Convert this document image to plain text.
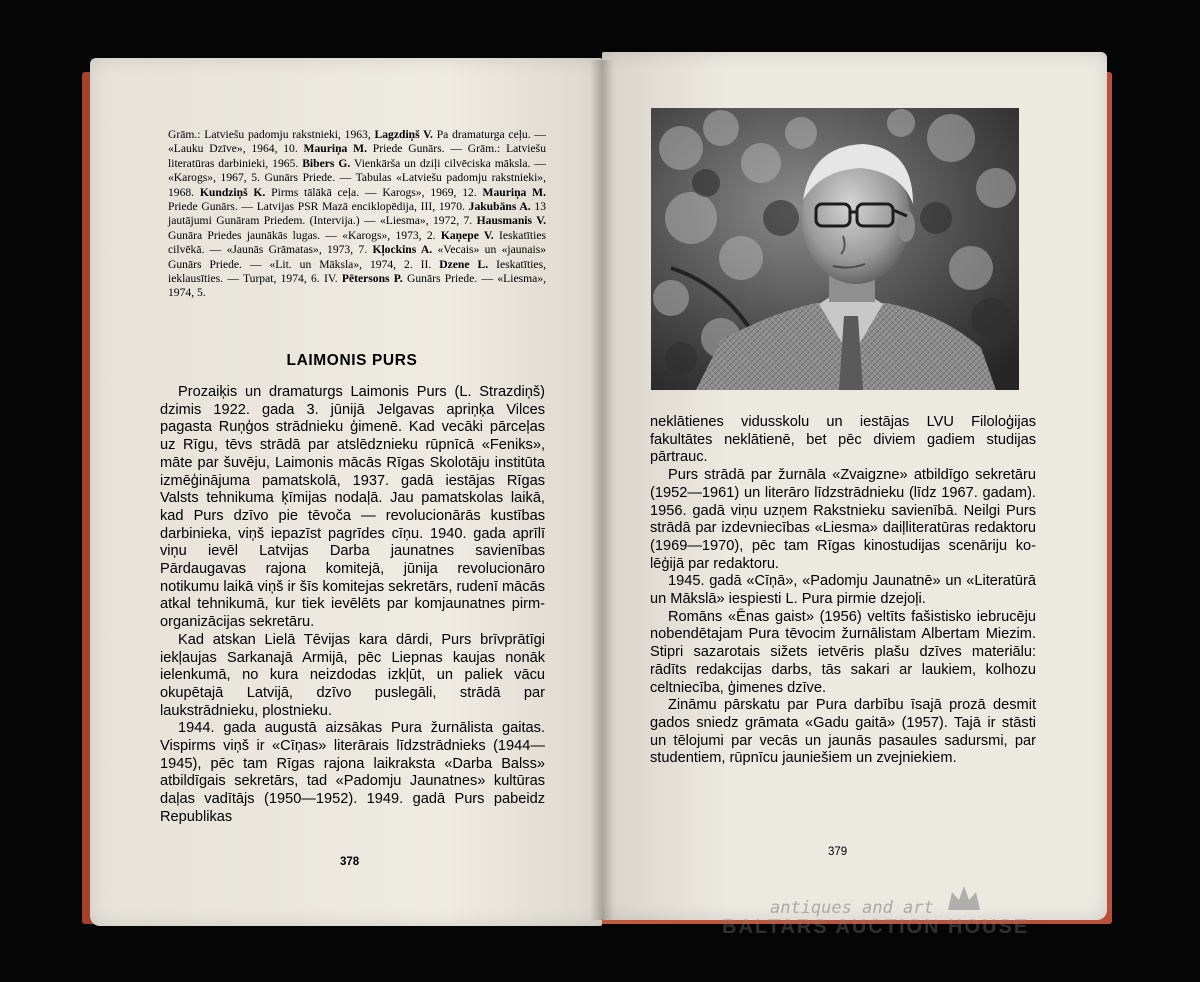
Grām.: Latviešu padomju rakstnieki, 1963, Lagzdiņš V. Pa dramaturga ceļu. — «Lauku Dzīve», 1964, 10. Mauriņa M. Priede Gunārs. — Grām.: Latviešu literatūras darbinieki, 1965. Bibers G. Vienkārša un dziļi cilvēciska māksla. — «Karogs», 1967, 5. Gunārs Priede. — Tabulas «Latviešu padomju rakstnieki», 1968. Kundziņš K. Pirms tālākā ceļa. — Karogs», 1969, 12. Mauriņa M. Priede Gunārs. — Latvijas PSR Mazā enciklopēdija, III, 1970. Jakubāns A. 13 jautājumi Gunāram Priedem. (Intervija.) — «Liesma», 1972, 7. Hausmanis V. Gunāra Priedes jaunākās lugas. — «Karogs», 1973, 2. Kaņepe V. Ieskatīties cilvēkā. — «Jaunās Grāmatas», 1973, 7. Kļockins A. «Vecais» un «jaunais» Gunārs Priede. — «Lit. un Māksla», 1974, 2. II. Dzene L. Ieskatīties, ieklausīties. — Turpat, 1974, 6. IV. Pētersons P. Gunārs Priede. — «Liesma», 1974, 5.

LAIMONIS PURS

Prozaiķis un dramaturgs Laimonis Purs (L. Strazdiņš) dzimis 1922. gada 3. jūnijā Jelgavas apriņķa Vilces pagasta Ruņģos strādnieku ģimenē. Kad vecāki pārceļas uz Rīgu, tēvs strādā par atslēdznieku rūpnīcā «Feniks», māte par šuvēju, Laimonis mācās Rīgas Skolotāju institūta izmēģinājuma pamatskolā, 1937. gadā iestājas Rīgas Valsts tehnikuma ķīmijas nodaļā. Jau pamatskolas laikā, kad Purs dzīvo pie tēvoča — revolucionārās kustības darbinieka, viņš iepazīst pagrīdes cīņu. 1940. gada aprīlī viņu ievēl Latvijas Darba jaunatnes savienības Pārdaugavas rajona komitejā, jūnija revolucionāro notikumu laikā viņš ir šīs komitejas sekretārs, rudenī mācās atkal tehnikumā, kur tiek ievēlēts par komjaunatnes pirmorganizācijas sekretāru.

Kad atskan Lielā Tēvijas kara dārdi, Purs brīvprātīgi iekļaujas Sarkanajā Armijā, pēc Liepnas kaujas nonāk ielenkumā, no kura neizdodas izkļūt, un paliek vācu okupētajā Latvijā, dzīvo puslegāli, strādā par laukstrādnieku, plostnieku.

1944. gada augustā aizsākas Pura žurnālista gaitas. Vispirms viņš ir «Cīņas» literārais līdzstrādnieks (1944—1945), pēc tam Rīgas rajona laikraksta «Darba Balss» atbildīgais sekretārs, tad «Padomju Jaunatnes» kultūras daļas vadītājs (1950—1952). 1949. gadā Purs pabeidz Republikas

378

neklātienes vidusskolu un iestājas LVU Filoloģijas fakultātes neklātienē, bet pēc diviem gadiem studijas pārtrauc.

Purs strādā par žurnāla «Zvaigzne» atbildīgo sekretāru (1952—1961) un literāro līdzstrādnieku (līdz 1967. gadam). 1956. gadā viņu uzņem Rakstnieku savienībā. Neilgi Purs strādā par izdevniecības «Liesma» daiļliteratūras redaktoru (1969—1970), pēc tam Rīgas kinostudijas scenāriju kolēģijā par redaktoru.

1945. gadā «Cīņā», «Padomju Jaunatnē» un «Literatūrā un Mākslā» iespiesti L. Pura pirmie dzejoļi.

Romāns «Ēnas gaist» (1956) veltīts fašistisko iebrucēju nobendētajam Pura tēvocim žurnālistam Albertam Miezim. Stipri sazarotais sižets ietvēris plašu dzīves materiālu: rādīts redakcijas darbs, tās sakari ar laukiem, kolhozu celtniecība, ģimenes dzīve.

Zināmu pārskatu par Pura darbību īsajā prozā desmit gados sniedz grāmata «Gadu gaitā» (1957). Tajā ir stāsti un tēlojumi par vecās un jaunās pasaules sadursmi, par studentiem, rūpnīcu jauniešiem un zvejniekiem.

379

antiques and art

BALTARS AUCTION HOUSE
